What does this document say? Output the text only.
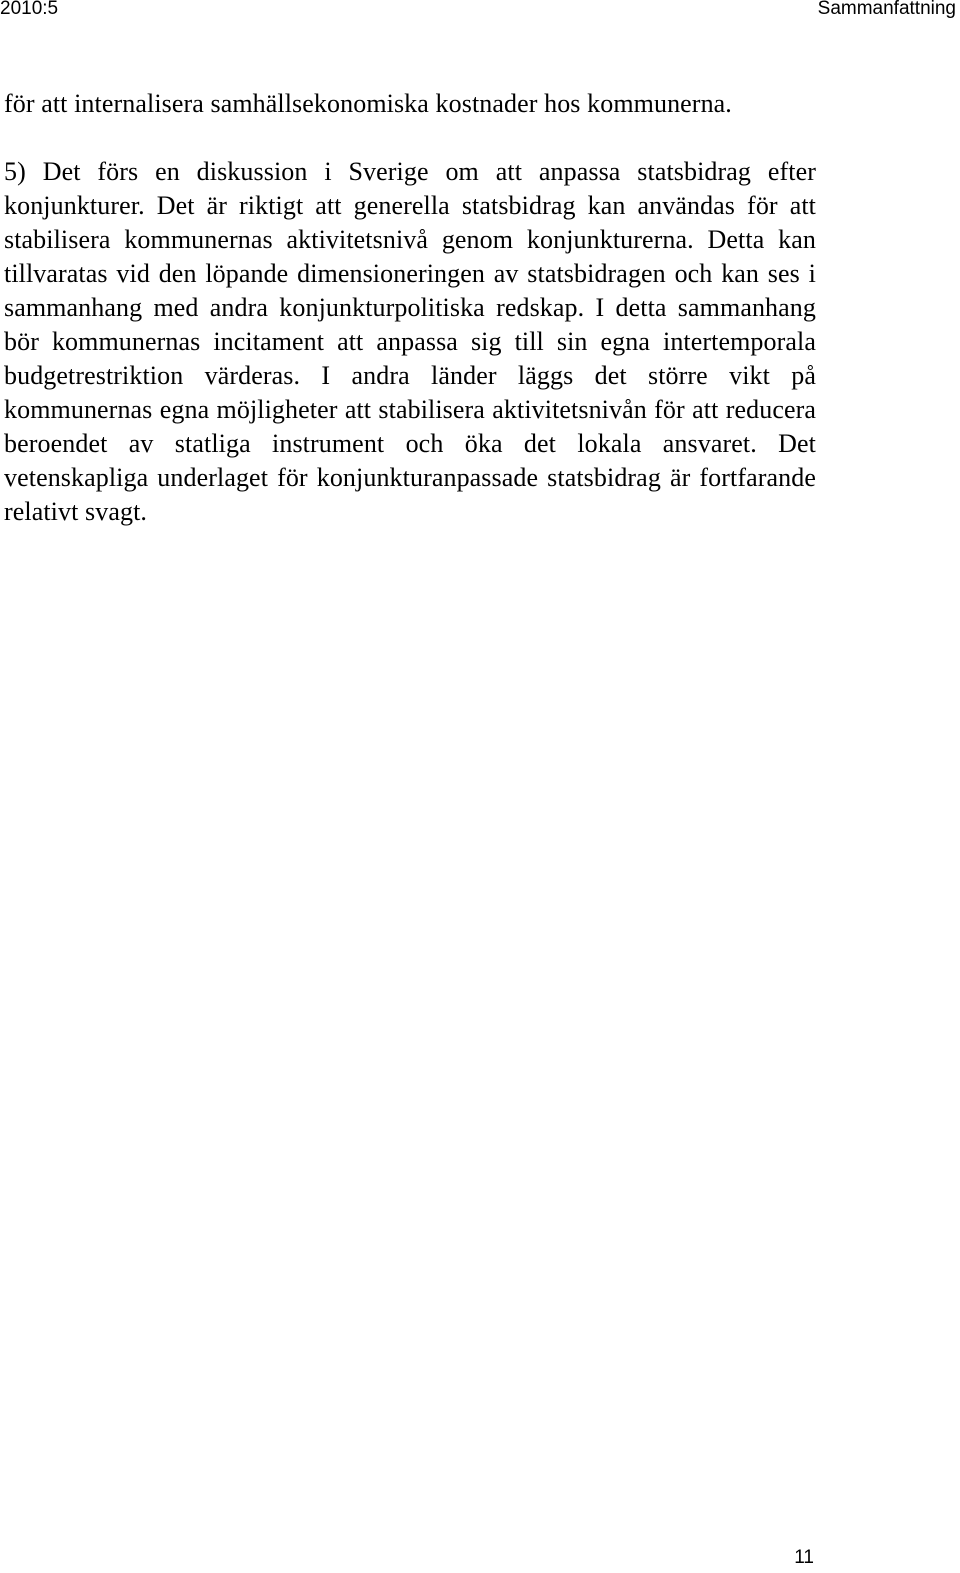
2010:5	Sammanfattning

för att internalisera samhällsekonomiska kostnader hos kommunerna.

5) Det förs en diskussion i Sverige om att anpassa statsbidrag efter konjunkturer. Det är riktigt att generella statsbidrag kan användas för att stabilisera kommunernas aktivitetsnivå genom konjunkturerna. Detta kan tillvaratas vid den löpande dimensioneringen av statsbidragen och kan ses i sammanhang med andra konjunkturpolitiska redskap. I detta sammanhang bör kommunernas incitament att anpassa sig till sin egna intertemporala budgetrestriktion värderas. I andra länder läggs det större vikt på kommunernas egna möjligheter att stabilisera aktivitetsnivån för att reducera beroendet av statliga instrument och öka det lokala ansvaret. Det vetenskapliga underlaget för konjunkturanpassade statsbidrag är fortfarande relativt svagt.

11
